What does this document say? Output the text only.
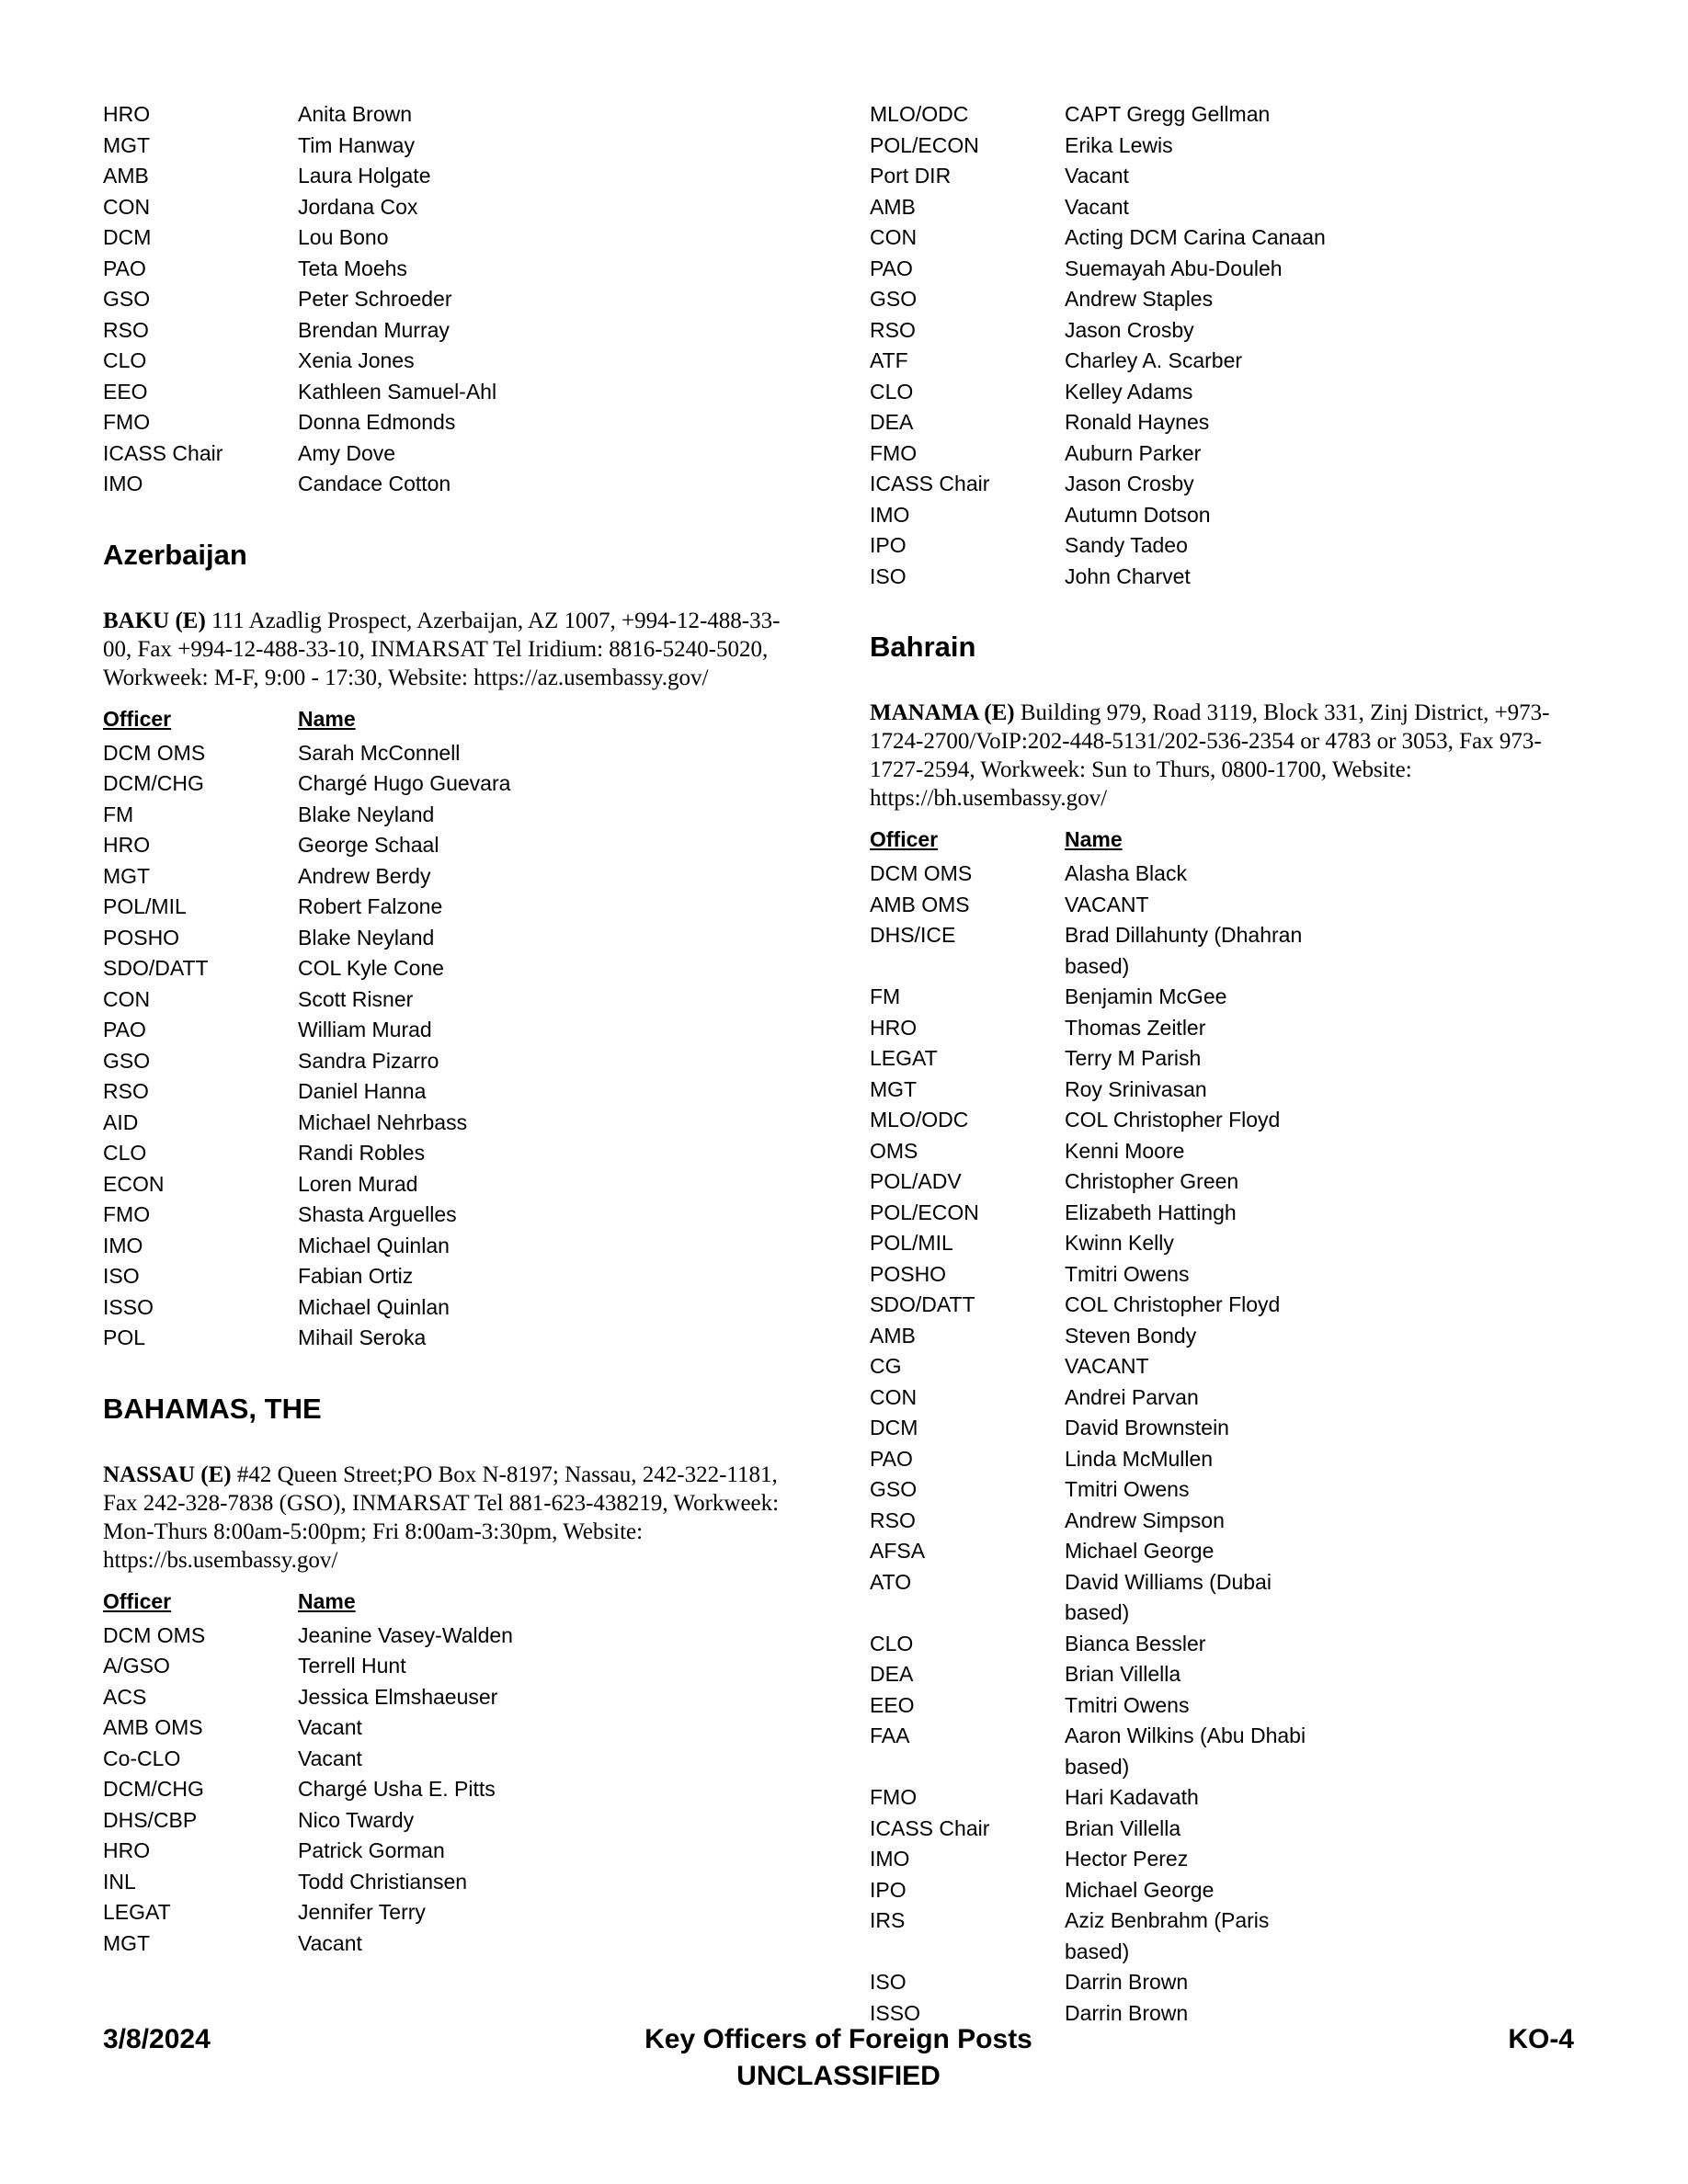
HRO	Anita Brown
MGT	Tim Hanway
AMB	Laura Holgate
CON	Jordana Cox
DCM	Lou Bono
PAO	Teta Moehs
GSO	Peter Schroeder
RSO	Brendan Murray
CLO	Xenia Jones
EEO	Kathleen Samuel-Ahl
FMO	Donna Edmonds
ICASS Chair	Amy Dove
IMO	Candace Cotton
Azerbaijan
BAKU (E) 111 Azadlig Prospect, Azerbaijan, AZ 1007, +994-12-488-33-00, Fax +994-12-488-33-10, INMARSAT Tel Iridium: 8816-5240-5020, Workweek: M-F, 9:00 - 17:30, Website: https://az.usembassy.gov/
Officer	Name
DCM OMS	Sarah McConnell
DCM/CHG	Chargé Hugo Guevara
FM	Blake Neyland
HRO	George Schaal
MGT	Andrew Berdy
POL/MIL	Robert Falzone
POSHO	Blake Neyland
SDO/DATT	COL Kyle Cone
CON	Scott Risner
PAO	William Murad
GSO	Sandra Pizarro
RSO	Daniel Hanna
AID	Michael Nehrbass
CLO	Randi Robles
ECON	Loren Murad
FMO	Shasta Arguelles
IMO	Michael Quinlan
ISO	Fabian Ortiz
ISSO	Michael Quinlan
POL	Mihail Seroka
BAHAMAS, THE
NASSAU (E) #42 Queen Street;PO Box N-8197; Nassau, 242-322-1181, Fax 242-328-7838 (GSO), INMARSAT Tel 881-623-438219, Workweek: Mon-Thurs 8:00am-5:00pm; Fri 8:00am-3:30pm, Website: https://bs.usembassy.gov/
Officer	Name
DCM OMS	Jeanine Vasey-Walden
A/GSO	Terrell Hunt
ACS	Jessica Elmshaeuser
AMB OMS	Vacant
Co-CLO	Vacant
DCM/CHG	Chargé Usha E. Pitts
DHS/CBP	Nico Twardy
HRO	Patrick Gorman
INL	Todd Christiansen
LEGAT	Jennifer Terry
MGT	Vacant
MLO/ODC	CAPT Gregg Gellman
POL/ECON	Erika Lewis
Port DIR	Vacant
AMB	Vacant
CON	Acting DCM Carina Canaan
PAO	Suemayah Abu-Douleh
GSO	Andrew Staples
RSO	Jason Crosby
ATF	Charley A. Scarber
CLO	Kelley Adams
DEA	Ronald Haynes
FMO	Auburn Parker
ICASS Chair	Jason Crosby
IMO	Autumn Dotson
IPO	Sandy Tadeo
ISO	John Charvet
Bahrain
MANAMA (E) Building 979, Road 3119, Block 331, Zinj District, +973-1724-2700/VoIP:202-448-5131/202-536-2354 or 4783 or 3053, Fax 973-1727-2594, Workweek: Sun to Thurs, 0800-1700, Website: https://bh.usembassy.gov/
Officer	Name
DCM OMS	Alasha Black
AMB OMS	VACANT
DHS/ICE	Brad Dillahunty (Dhahran based)
FM	Benjamin McGee
HRO	Thomas Zeitler
LEGAT	Terry M Parish
MGT	Roy Srinivasan
MLO/ODC	COL Christopher Floyd
OMS	Kenni Moore
POL/ADV	Christopher Green
POL/ECON	Elizabeth Hattingh
POL/MIL	Kwinn Kelly
POSHO	Tmitri Owens
SDO/DATT	COL Christopher Floyd
AMB	Steven Bondy
CG	VACANT
CON	Andrei Parvan
DCM	David Brownstein
PAO	Linda McMullen
GSO	Tmitri Owens
RSO	Andrew Simpson
AFSA	Michael George
ATO	David Williams (Dubai based)
CLO	Bianca Bessler
DEA	Brian Villella
EEO	Tmitri Owens
FAA	Aaron Wilkins (Abu Dhabi based)
FMO	Hari Kadavath
ICASS Chair	Brian Villella
IMO	Hector Perez
IPO	Michael George
IRS	Aziz Benbrahm (Paris based)
ISO	Darrin Brown
ISSO	Darrin Brown
3/8/2024	Key Officers of Foreign Posts
UNCLASSIFIED
KO-4
